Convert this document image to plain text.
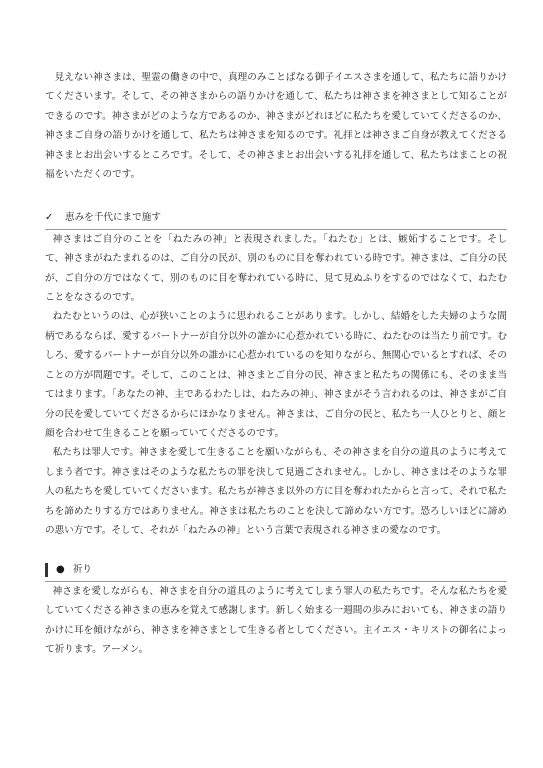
見えない神さまは、聖霊の働きの中で、真理のみことばなる御子イエスさまを通して、私たちに語りかけてくださいます。そして、その神さまからの語りかけを通して、私たちは神さまを神さまとして知ることができるのです。神さまがどのような方であるのか、神さまがどれほどに私たちを愛していてくださるのか、神さまご自身の語りかけを通して、私たちは神さまを知るのです。礼拝とは神さまご自身が教えてくださる神さまとお出会いするところです。そして、その神さまとお出会いする礼拝を通して、私たちはまことの祝福をいただくのです。

✓	恵みを千代にまで施す

神さまはご自分のことを「ねたみの神」と表現されました。「ねたむ」とは、嫉妬することです。そして、神さまがねたまれるのは、ご自分の民が、別のものに目を奪われている時です。神さまは、ご自分の民が、ご自分の方ではなくて、別のものに目を奪われている時に、見て見ぬふりをするのではなくて、ねたむことをなさるのです。

ねたむというのは、心が狭いことのように思われることがあります。しかし、結婚をした夫婦のような間柄であるならば、愛するパートナーが自分以外の誰かに心惹かれている時に、ねたむのは当たり前です。むしろ、愛するパートナーが自分以外の誰かに心惹かれているのを知りながら、無関心でいるとすれば、そのことの方が問題です。そして、このことは、神さまとご自分の民、神さまと私たちの関係にも、そのまま当てはまります。「あなたの神、主であるわたしは、ねたみの神」、神さまがそう言われるのは、神さまがご自分の民を愛していてくださるからにほかなりません。神さまは、ご自分の民と、私たち一人ひとりと、顔と顔を合わせて生きることを願っていてくださるのです。

私たちは罪人です。神さまを愛して生きることを願いながらも、その神さまを自分の道具のように考えてしまう者です。神さまはそのような私たちの罪を決して見過ごされません。しかし、神さまはそのような罪人の私たちを愛していてくださいます。私たちが神さま以外の方に目を奪われたからと言って、それで私たちを諦めたりする方ではありません。神さまは私たちのことを決して諦めない方です。恐ろしいほどに諦めの悪い方です。そして、それが「ねたみの神」という言葉で表現される神さまの愛なのです。

● 祈り

神さまを愛しながらも、神さまを自分の道具のように考えてしまう罪人の私たちです。そんな私たちを愛していてくださる神さまの恵みを覚えて感謝します。新しく始まる一週間の歩みにおいても、神さまの語りかけに耳を傾けながら、神さまを神さまとして生きる者としてください。主イエス・キリストの御名によって祈ります。アーメン。
